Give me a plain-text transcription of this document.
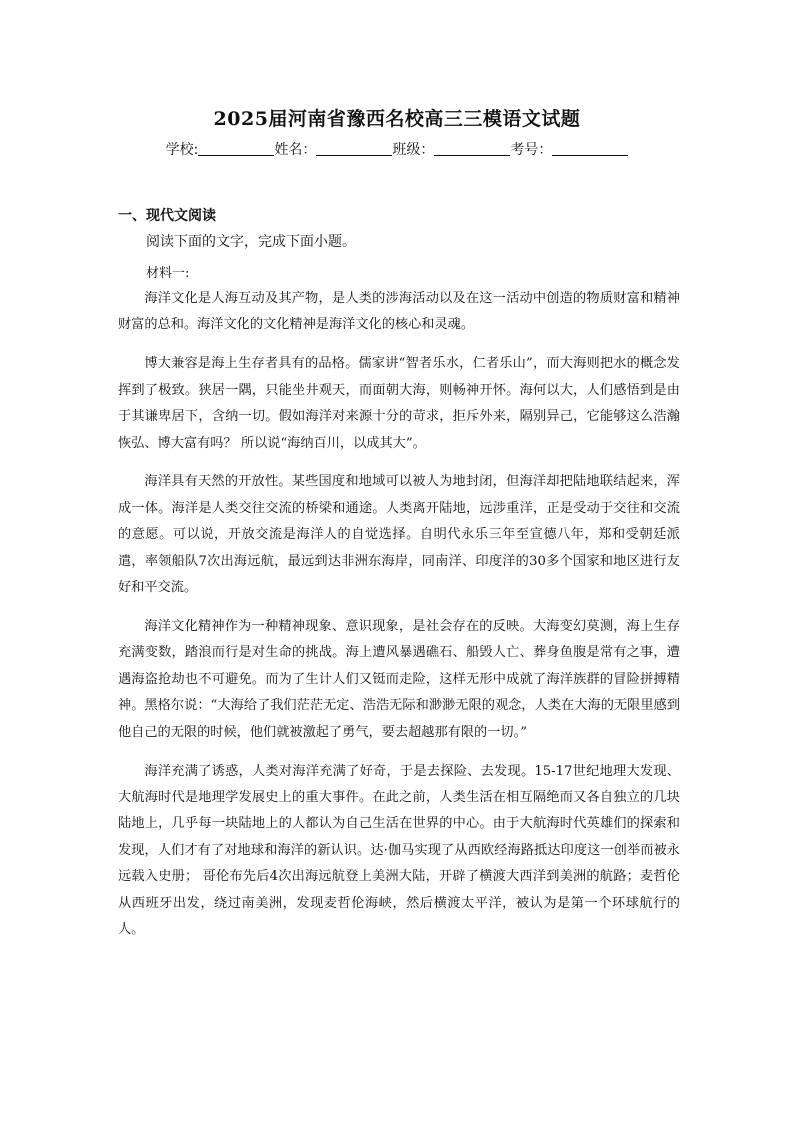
2025届河南省豫西名校高三三模语文试题
学校:	姓名：	班级：	考号：
一、现代文阅读
阅读下面的文字，完成下面小题。
材料一:

海洋文化是人海互动及其产物，是人类的涉海活动以及在这一活动中创造的物质财富和精神财富的总和。海洋文化的文化精神是海洋文化的核心和灵魂。

博大兼容是海上生存者具有的品格。儒家讲“智者乐水，仁者乐山”，而大海则把水的概念发挥到了极致。狭居一隅，只能坐井观天，而面朝大海，则畅神开怀。海何以大，人们感悟到是由于其谦卑居下，含纳一切。假如海洋对来源十分的苛求，拒斥外来，隔别异己，它能够这么浩瀚恢弘、博大富有吗？ 所以说“海纳百川，以成其大”。

海洋具有天然的开放性。某些国度和地域可以被人为地封闭，但海洋却把陆地联结起来，浑成一体。海洋是人类交往交流的桥梁和通途。人类离开陆地，远涉重洋，正是受动于交往和交流的意愿。可以说，开放交流是海洋人的自觉选择。自明代永乐三年至宣德八年，郑和受朝廷派遣，率领船队7次出海远航，最远到达非洲东海岸，同南洋、印度洋的30多个国家和地区进行友好和平交流。

海洋文化精神作为一种精神现象、意识现象，是社会存在的反映。大海变幻莫测，海上生存充满变数，踏浪而行是对生命的挑战。海上遭风暴遇礁石、船毁人亡、葬身鱼腹是常有之事，遭遇海盗抢劫也不可避免。而为了生计人们又铤而走险，这样无形中成就了海洋族群的冒险拼搏精神。黑格尔说：“大海给了我们茫茫无定、浩浩无际和渺渺无限的观念，人类在大海的无限里感到他自己的无限的时候，他们就被激起了勇气，要去超越那有限的一切。”

海洋充满了诱惑，人类对海洋充满了好奇，于是去探险、去发现。15-17世纪地理大发现、大航海时代是地理学发展史上的重大事件。在此之前，人类生活在相互隔绝而又各自独立的几块陆地上，几乎每一块陆地上的人都认为自己生活在世界的中心。由于大航海时代英雄们的探索和发现，人们才有了对地球和海洋的新认识。达·伽马实现了从西欧经海路抵达印度这一创举而被永远载入史册； 哥伦布先后4次出海远航登上美洲大陆，开辟了横渡大西洋到美洲的航路；麦哲伦从西班牙出发，绕过南美洲，发现麦哲伦海峡，然后横渡太平洋，被认为是第一个环球航行的人。
